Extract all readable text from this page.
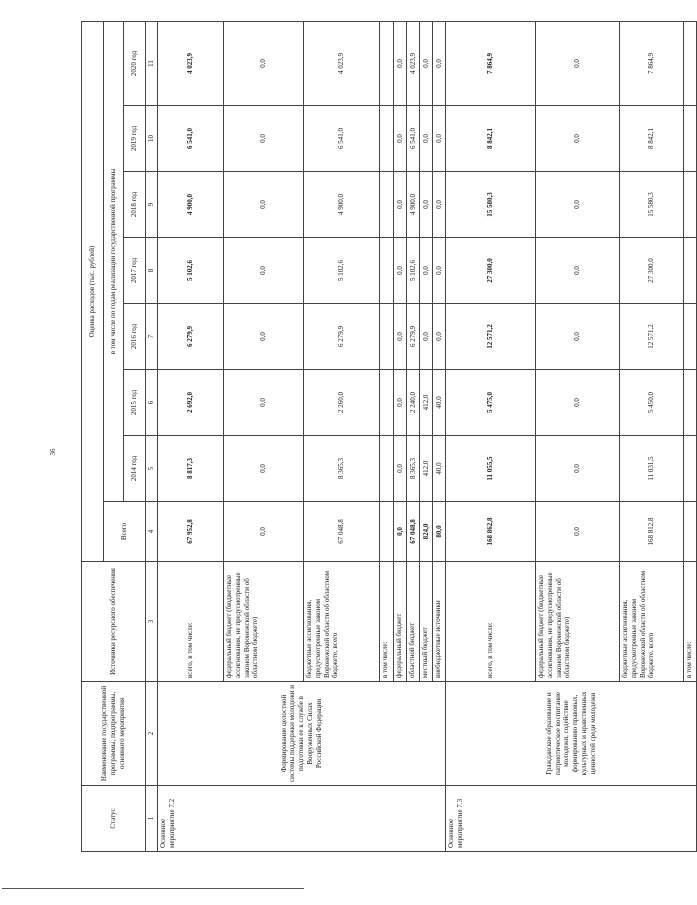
36
Статус	Наименование государственной программы, подпрограммы, основного мероприятия	Источники ресурсного обеспечения	Оценка расходов (тыс. рублей)							
			Всего	в том числе по годам реализации государственной программы						
				2014 год	2015 год	2016 год	2017 год	2018 год	2019 год	2020 год
1	2	3	4	5	6	7	8	9	10	11
Основное мероприятие 7.2	Формирование целостной системы поддержки молодежи и подготовки ее к службе в Вооруженных Силах Российской Федерации	всего, в том числе:	67 952,8	8 817,3	2 692,0	6 279,9	5 102,6	4 900,0	6 541,0	4 023,9
		федеральный бюджет (бюджетные ассигнования, не предусмотренные законом Воронежской области об областном бюджете)	0,0	0,0	0,0	0,0	0,0	0,0	0,0	0,0
		бюджетные ассигнования, предусмотренные законом Воронежской области об областном бюджете, всего	67 048,8	8 365,3	2 260,0	6 279,9	5 102,6	4 900,0	6 541,0	4 023,9
		в том числе:								
		федеральный бюджет	0,0	0,0	0,0	0,0	0,0	0,0	0,0	0,0
		областной бюджет	67 048,8	8 365,3	2 240,0	6 279,9	5 102,6	4 900,0	6 541,0	4 023,9
		местный бюджет	824,0	412,0	412,0	0,0	0,0	0,0	0,0	0,0
		внебюджетные источники	80,0	40,0	40,0	0,0	0,0	0,0	0,0	0,0
Основное мероприятие 7.3	Гражданское образование и патриотическое воспитание молодежи, содействие формированию правовых, культурных и нравственных ценностей среди молодежи	всего, в том числе:	168 862,8	11 055,5	5 475,0	12 571,2	27 300,0	15 580,3	8 842,1	7 864,9
		федеральный бюджет (бюджетные ассигнования, не предусмотренные законом Воронежской области об областном бюджете)	0,0	0,0	0,0	0,0	0,0	0,0	0,0	0,0
		бюджетные ассигнования, предусмотренные законом Воронежской области об областном бюджете, всего	168 812,8	11 031,5	5 450,0	12 571,2	27 300,0	15 580,3	8 842,1	7 864,9
		в том числе:								
